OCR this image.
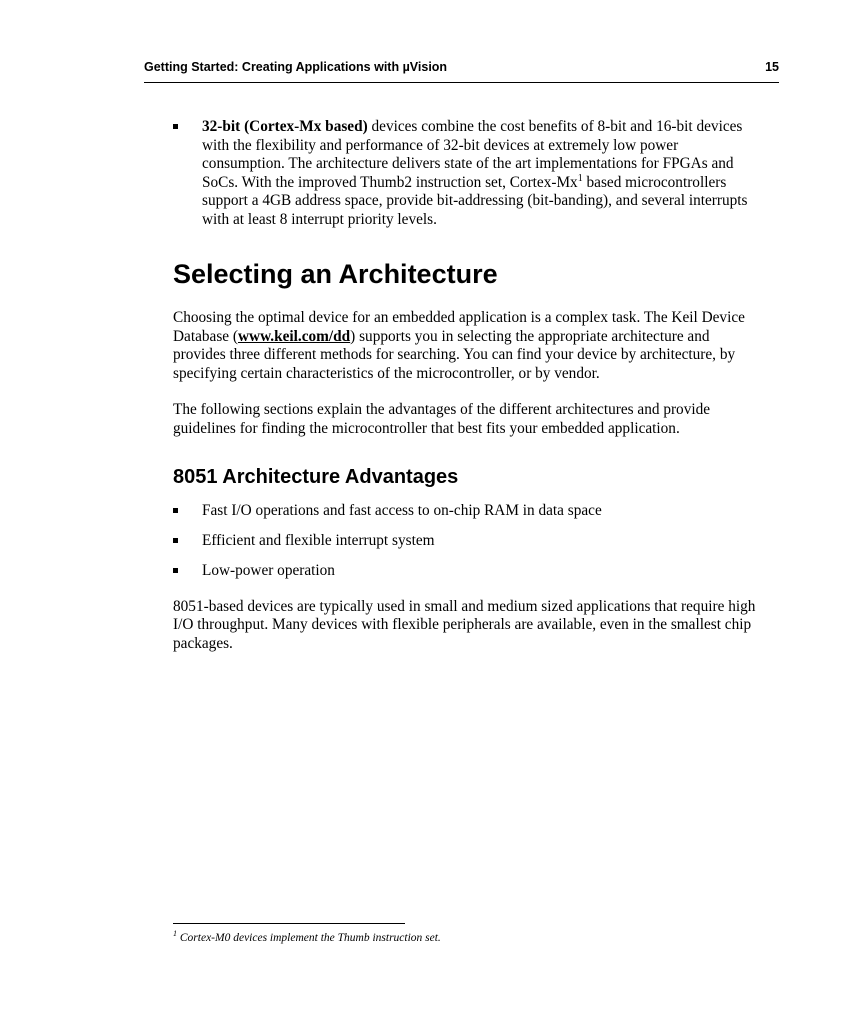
Getting Started: Creating Applications with µVision	15
32-bit (Cortex-Mx based) devices combine the cost benefits of 8-bit and 16-bit devices with the flexibility and performance of 32-bit devices at extremely low power consumption. The architecture delivers state of the art implementations for FPGAs and SoCs. With the improved Thumb2 instruction set, Cortex-Mx$^1$ based microcontrollers support a 4GB address space, provide bit-addressing (bit-banding), and several interrupts with at least 8 interrupt priority levels.
Selecting an Architecture

Choosing the optimal device for an embedded application is a complex task. The Keil Device Database (www.keil.com/dd) supports you in selecting the appropriate architecture and provides three different methods for searching. You can find your device by architecture, by specifying certain characteristics of the microcontroller, or by vendor.

The following sections explain the advantages of the different architectures and provide guidelines for finding the microcontroller that best fits your embedded application.

8051 Architecture Advantages
Fast I/O operations and fast access to on-chip RAM in data space
Efficient and flexible interrupt system
Low-power operation

8051-based devices are typically used in small and medium sized applications that require high I/O throughput. Many devices with flexible peripherals are available, even in the smallest chip packages.

$^1$ Cortex-M0 devices implement the Thumb instruction set.
